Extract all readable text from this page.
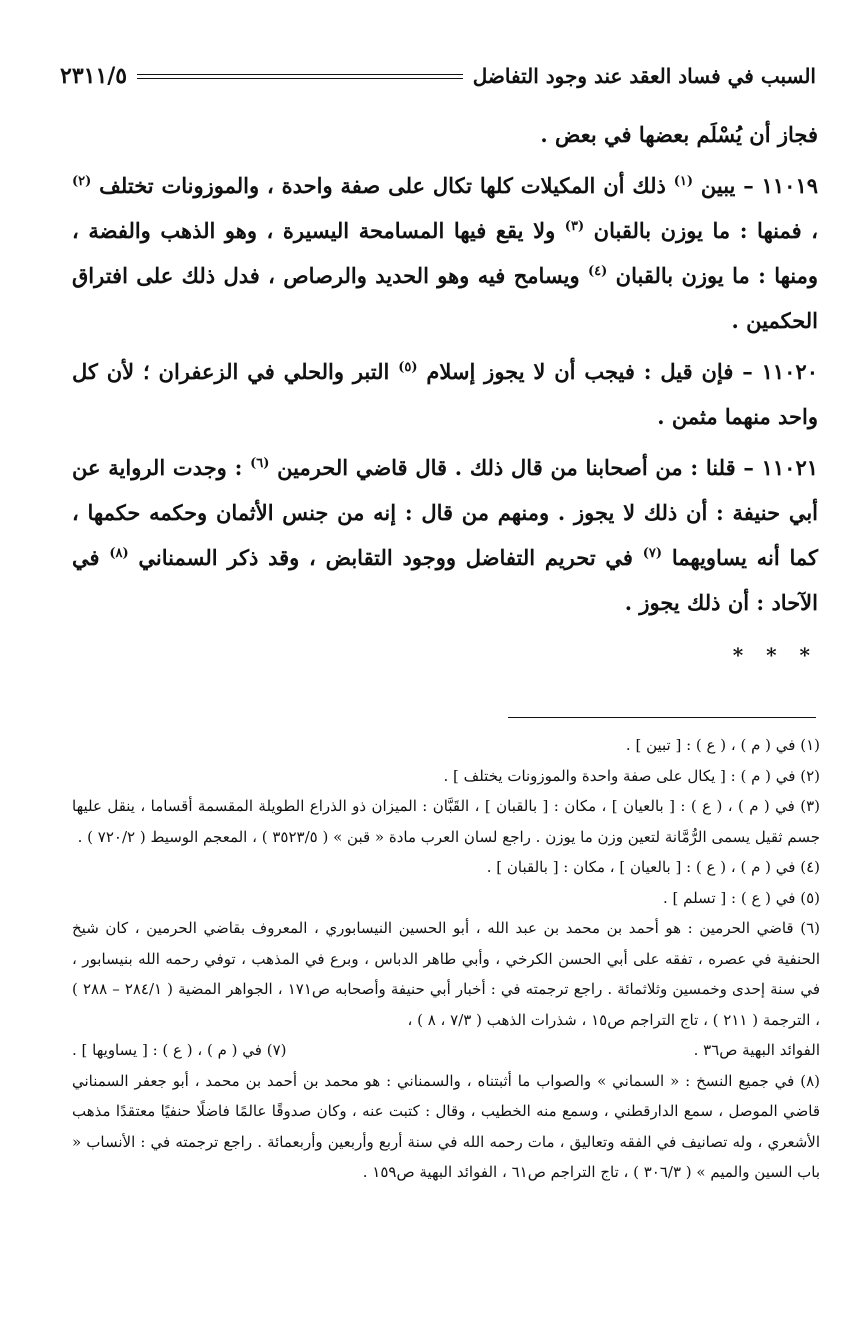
٢٣١١/٥	السبب في فساد العقد عند وجود التفاضل

فجاز أن يُسْلَم بعضها في بعض .

١١٠١٩ – يبين $^{(١)}$ ذلك أن المكيلات كلها تكال على صفة واحدة ، والموزونات تختلف $^{(٢)}$ ، فمنها : ما يوزن بالقبان $^{(٣)}$ ولا يقع فيها المسامحة اليسيرة ، وهو الذهب والفضة ، ومنها : ما يوزن بالقبان $^{(٤)}$ ويسامح فيه وهو الحديد والرصاص ، فدل ذلك على افتراق الحكمين .

١١٠٢٠ – فإن قيل : فيجب أن لا يجوز إسلام $^{(٥)}$ التبر والحلي في الزعفران ؛ لأن كل واحد منهما مثمن .

١١٠٢١ – قلنا : من أصحابنا من قال ذلك . قال قاضي الحرمين $^{(٦)}$ : وجدت الرواية عن أبي حنيفة : أن ذلك لا يجوز . ومنهم من قال : إنه من جنس الأثمان وحكمه حكمها ، كما أنه يساويهما $^{(٧)}$ في تحريم التفاضل ووجود التقابض ، وقد ذكر السمناني $^{(٨)}$ في الآحاد : أن ذلك يجوز .

* * *

(١) في ( م ) ، ( ع ) : [ تبين ] .

(٢) في ( م ) : [ يكال على صفة واحدة والموزونات يختلف ] .

(٣) في ( م ) ، ( ع ) : [ بالعيان ] ، مكان : [ بالقبان ] ، القَبَّان : الميزان ذو الذراع الطويلة المقسمة أقساما ، ينقل عليها جسم ثقيل يسمى الرُّمَّانة لتعين وزن ما يوزن . راجع لسان العرب مادة « قبن » ( ٣٥٢٣/٥ ) ، المعجم الوسيط ( ٧٢٠/٢ ) .

(٤) في ( م ) ، ( ع ) : [ بالعيان ] ، مكان : [ بالقبان ] .

(٥) في ( ع ) : [ تسلم ] .

(٦) قاضي الحرمين : هو أحمد بن محمد بن عبد الله ، أبو الحسين النيسابوري ، المعروف بقاضي الحرمين ، كان شيخ الحنفية في عصره ، تفقه على أبي الحسن الكرخي ، وأبي طاهر الدباس ، وبرع في المذهب ، توفي رحمه الله بنيسابور ، في سنة إحدى وخمسين وثلاثمائة . راجع ترجمته في : أخبار أبي حنيفة وأصحابه ص١٧١ ، الجواهر المضية ( ٢٨٤/١ – ٢٨٨ ) ، الترجمة ( ٢١١ ) ، تاج التراجم ص١٥ ، شذرات الذهب ( ٧/٣ ، ٨ ) ،

الفوائد البهية ص٣٦ .
(٧) في ( م ) ، ( ع ) : [ يساويها ] .

(٨) في جميع النسخ : « السماني » والصواب ما أثبتناه ، والسمناني : هو محمد بن أحمد بن محمد ، أبو جعفر السمناني قاضي الموصل ، سمع الدارقطني ، وسمع منه الخطيب ، وقال : كتبت عنه ، وكان صدوقًا عالمًا فاضلًا حنفيًا معتقدًا مذهب الأشعري ، وله تصانيف في الفقه وتعاليق ، مات رحمه الله في سنة أربع وأربعين وأربعمائة . راجع ترجمته في : الأنساب « باب السين والميم » ( ٣٠٦/٣ ) ، تاج التراجم ص٦١ ، الفوائد البهية ص١٥٩ .
